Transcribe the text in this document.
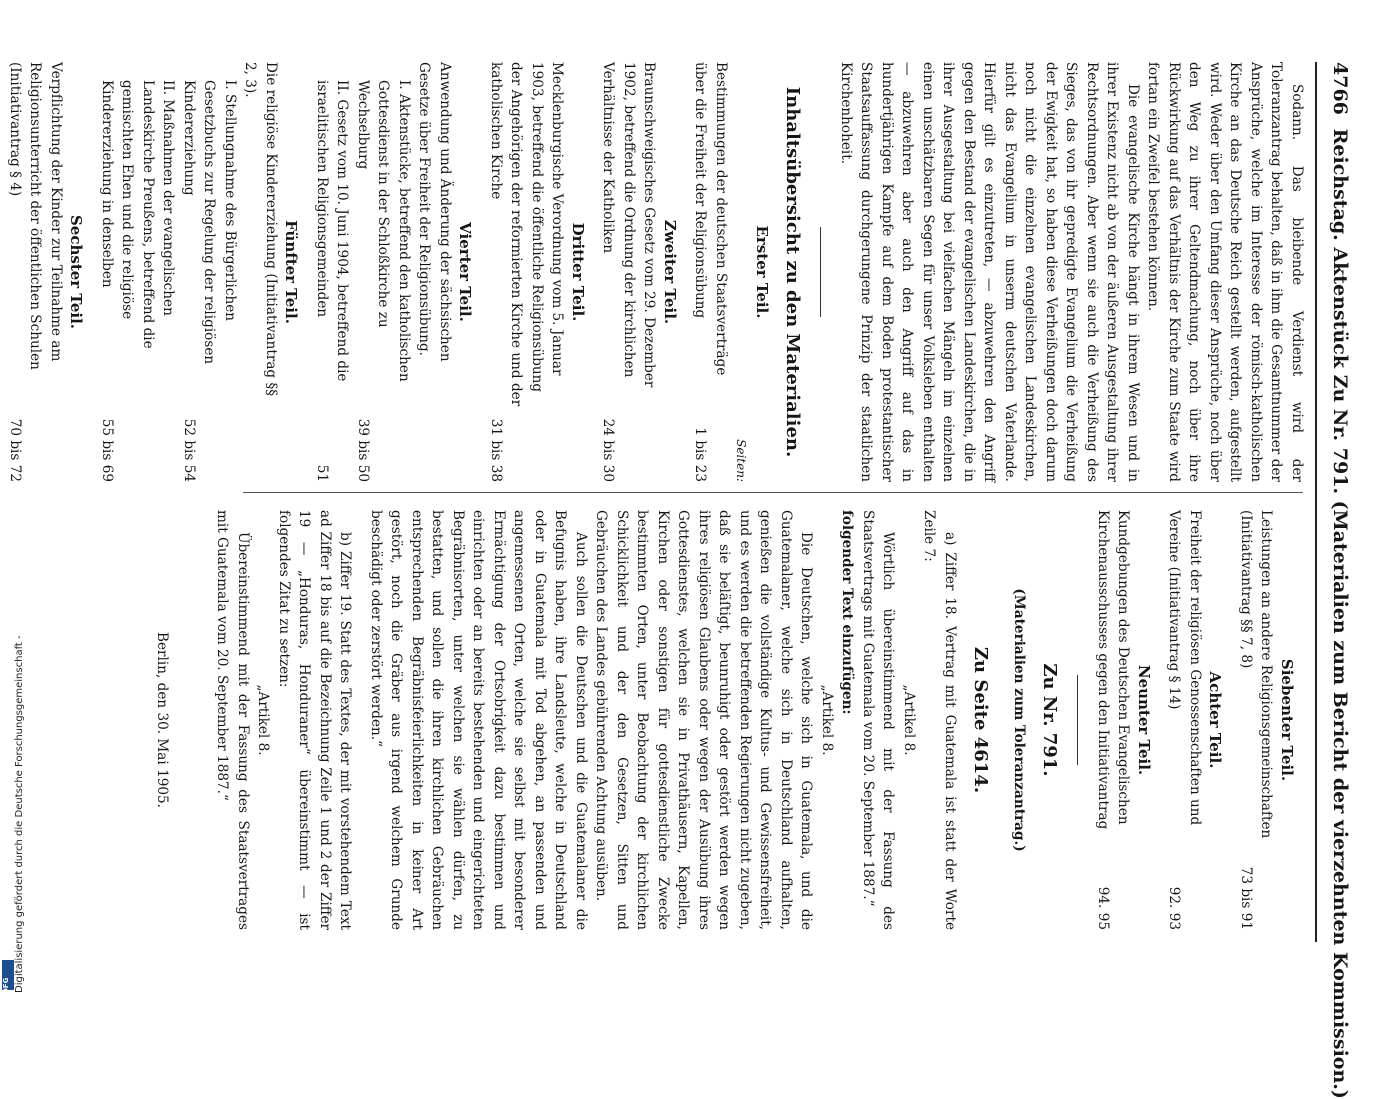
4766 Reichstag. Aktenstück Zu Nr. 791. (Materialien zum Bericht der vierzehnten Kommission.)

Sodann. Das bleibende Verdienst wird der Toleranzantrag behalten, daß in ihm die Gesamtnummer der Ansprüche, welche im Interesse der römisch-katholischen Kirche an das Deutsche Reich gestellt werden, aufgestellt wird. Weder über den Umfang dieser Ansprüche, noch über den Weg zu ihrer Geltendmachung, noch über ihre Rückwirkung auf das Verhältnis der Kirche zum Staate wird fortan ein Zweifel bestehen können.

Die evangelische Kirche hängt in ihrem Wesen und in ihrer Existenz nicht ab von der äußeren Ausgestaltung ihrer Rechtsordnungen. Aber wenn sie auch die Verheißung des Sieges, das von ihr gepredigte Evangelium die Verheißung der Ewigkeit hat, so haben diese Verheißungen doch darum noch nicht die einzelnen evangelischen Landeskirchen, nicht das Evangelium in unserm deutschen Vaterlande. Hierfür gilt es einzutreten, — abzuwehren den Angriff gegen den Bestand der evangelischen Landeskirchen, die in ihrer Ausgestaltung bei vielfachen Mängeln im einzelnen einen unschätzbaren Segen für unser Volksleben enthalten — abzuwehren aber auch den Angriff auf das in hundertjährigen Kampfe auf dem Boden protestantischer Staatsauffassung durchgerungene Prinzip der staatlichen Kirchenhoheit.

Inhaltsübersicht zu den Materialien.
Erster Teil.
Seiten:
Bestimmungen der deutschen Staatsverträge über die Freiheit der Religionsübung
1 bis 23
Zweiter Teil.
Braunschweigisches Gesetz vom 29. Dezember 1902, betreffend die Ordnung der kirchlichen Verhältnisse der Katholiken
24 bis 30
Dritter Teil.
Mecklenburgische Verordnung vom 5. Januar 1903, betreffend die öffentliche Religionsübung der Angehörigen der reformierten Kirche und der katholischen Kirche
31 bis 38
Vierter Teil.
Anwendung und Änderung der sächsischen Gesetze über Freiheit der Religionsübung.
I. Aktenstücke, betreffend den katholischen Gottesdienst in der Schloßkirche zu Wechselburg
39 bis 50
II. Gesetz vom 10. Juni 1904, betreffend die israelitischen Religionsgemeinden
51
Fünfter Teil.
Die religiöse Kindererziehung (Initiativantrag §§ 2, 3).
I. Stellungnahme des Bürgerlichen Gesetzbuchs zur Regelung der religiösen Kindererziehung
52 bis 54
II. Maßnahmen der evangelischen Landeskirche Preußens, betreffend die gemischten Ehen und die religiöse Kindererziehung in denselben
55 bis 69
Sechster Teil.
Verpflichtung der Kinder zur Teilnahme am Religionsunterricht der öffentlichen Schulen (Initiativantrag § 4)
70 bis 72
Siebenter Teil.
Leistungen an andere Religionsgemeinschaften (Initiativantrag §§ 7, 8)
73 bis 91
Achter Teil.
Freiheit der religiösen Genossenschaften und Vereine (Initiativantrag § 14)
92. 93
Neunter Teil.
Kundgebungen des Deutschen Evangelischen Kirchenausschusses gegen den Initiativantrag
94. 95
Zu Nr. 791.
(Materialien zum Toleranzantrag.)
Zu Seite 4614.

a) Ziffer 18. Vertrag mit Guatemala ist statt der Worte Zeile 7:

„Artikel 8.

Wörtlich übereinstimmend mit der Fassung des Staatsvertrags mit Guatemala vom 20. September 1887.“

folgender Text einzufügen:

„Artikel 8.

Die Deutschen, welche sich in Guatemala, und die Guatemalaner, welche sich in Deutschland aufhalten, genießen die vollständige Kultus- und Gewissensfreiheit, und es werden die betreffenden Regierungen nicht zugeben, daß sie beläſtigt, beunruhigt oder gestört werden wegen ihres religiösen Glaubens oder wegen der Ausübung ihres Gottesdienstes, welchen sie in Privathäusern, Kapellen, Kirchen oder sonstigen für gottesdienstliche Zwecke bestimmten Orten, unter Beobachtung der kirchlichen Schicklichkeit und der den Gesetzen, Sitten und Gebräuchen des Landes gebührenden Achtung ausüben.

Auch sollen die Deutschen und die Guatemalaner die Befugnis haben, ihre Landsleute, welche in Deutschland oder in Guatemala mit Tod abgehen, an passenden und angemessenen Orten, welche sie selbst mit besonderer Ermächtigung der Ortsobrigkeit dazu bestimmen und einrichten oder an bereits bestehenden und eingerichteten Begräbnisorten, unter welchen sie wählen dürfen, zu bestatten, und sollen die ihren kirchlichen Gebräuchen entsprechenden Begräbnisfeierlichkeiten in keiner Art gestört, noch die Gräber aus irgend welchem Grunde beschädigt oder zerstört werden.“

b) Ziffer 19. Statt des Textes, der mit vorstehendem Text ad Ziffer 18 bis auf die Bezeichnung Zeile 1 und 2 der Ziffer 19 — „Honduras, Honduraner“ übereinstimmt — ist folgendes Zitat zu setzen:

„Artikel 8.

Übereinstimmend mit der Fassung des Staatsvertrages mit Guatemala vom 20. September 1887.“

Berlin, den 30. Mai 1905.
Digitalisierung gefördert durch die Deutsche Forschungsgemeinschaft -
DFG
